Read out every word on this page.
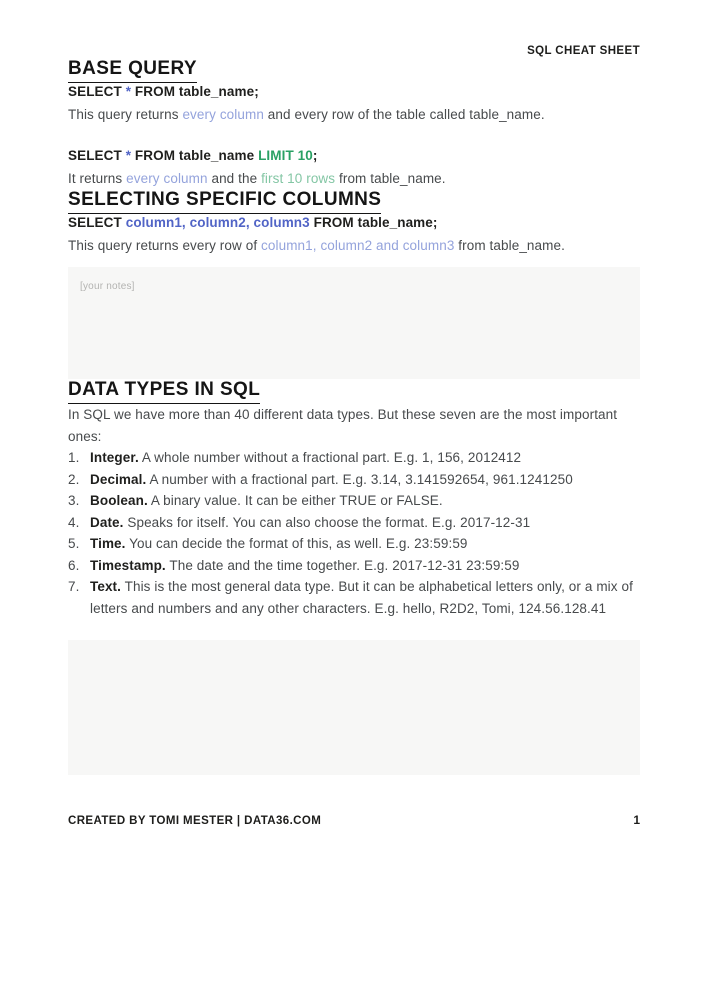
SQL CHEAT SHEET
BASE QUERY

SELECT * FROM table_name;

This query returns every column and every row of the table called table_name.

SELECT * FROM table_name LIMIT 10;

It returns every column and the first 10 rows from table_name.

SELECTING SPECIFIC COLUMNS

SELECT column1, column2, column3 FROM table_name;

This query returns every row of column1, column2 and column3 from table_name.

[your notes]
DATA TYPES IN SQL

In SQL we have more than 40 different data types. But these seven are the most important ones:

1. Integer. A whole number without a fractional part. E.g. 1, 156, 2012412
2. Decimal. A number with a fractional part. E.g. 3.14, 3.141592654, 961.1241250
3. Boolean. A binary value. It can be either TRUE or FALSE.
4. Date. Speaks for itself. You can also choose the format. E.g. 2017-12-31
5. Time. You can decide the format of this, as well. E.g. 23:59:59
6. Timestamp. The date and the time together. E.g. 2017-12-31 23:59:59
7. Text. This is the most general data type. But it can be alphabetical letters only, or a mix of letters and numbers and any other characters. E.g. hello, R2D2, Tomi, 124.56.128.41
CREATED BY TOMI MESTER | DATA36.COM	1
